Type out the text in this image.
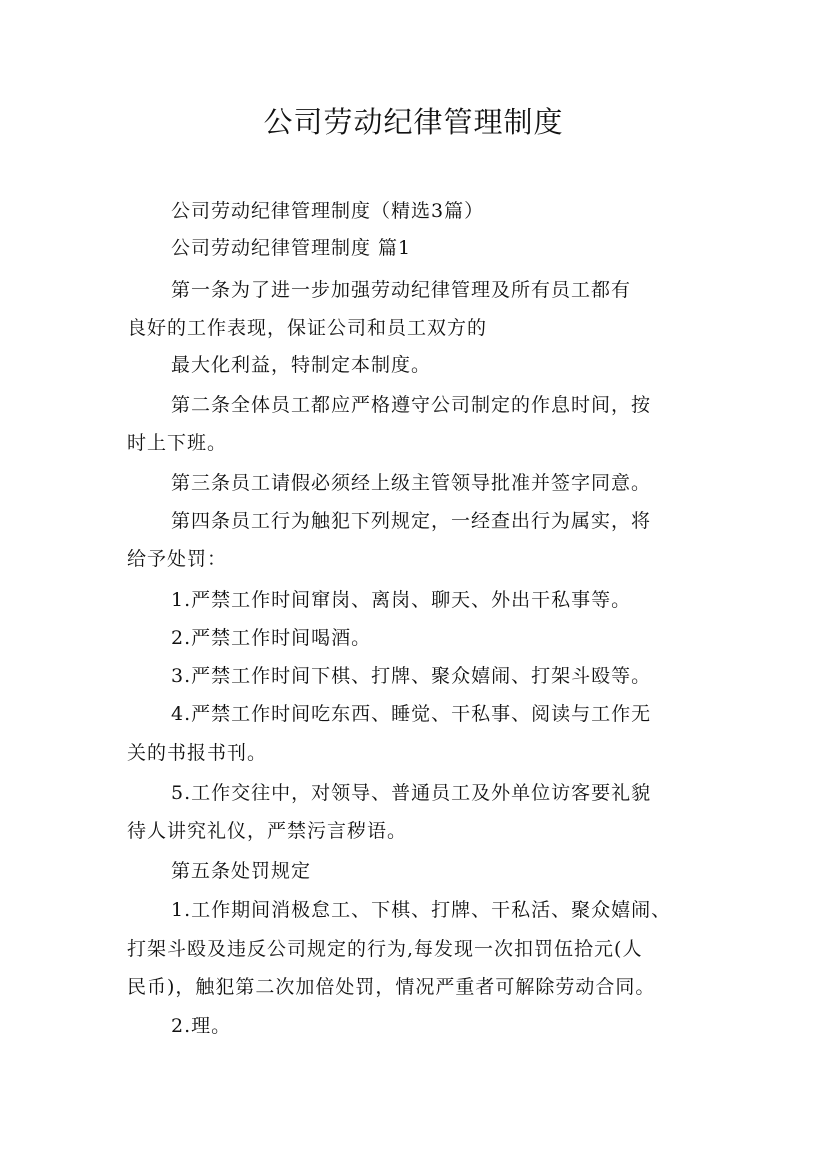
公司劳动纪律管理制度
公司劳动纪律管理制度（精选3篇）
公司劳动纪律管理制度 篇1
第一条为了进一步加强劳动纪律管理及所有员工都有
良好的工作表现，保证公司和员工双方的
最大化利益，特制定本制度。
第二条全体员工都应严格遵守公司制定的作息时间，按
时上下班。
第三条员工请假必须经上级主管领导批准并签字同意。
第四条员工行为触犯下列规定，一经查出行为属实，将
给予处罚：
1.严禁工作时间窜岗、离岗、聊天、外出干私事等。
2.严禁工作时间喝酒。
3.严禁工作时间下棋、打牌、聚众嬉闹、打架斗殴等。
4.严禁工作时间吃东西、睡觉、干私事、阅读与工作无
关的书报书刊。
5.工作交往中，对领导、普通员工及外单位访客要礼貌
待人讲究礼仪，严禁污言秽语。
第五条处罚规定
1.工作期间消极怠工、下棋、打牌、干私活、聚众嬉闹、
打架斗殴及违反公司规定的行为,每发现一次扣罚伍拾元(人
民币)，触犯第二次加倍处罚，情况严重者可解除劳动合同。
2.理。
